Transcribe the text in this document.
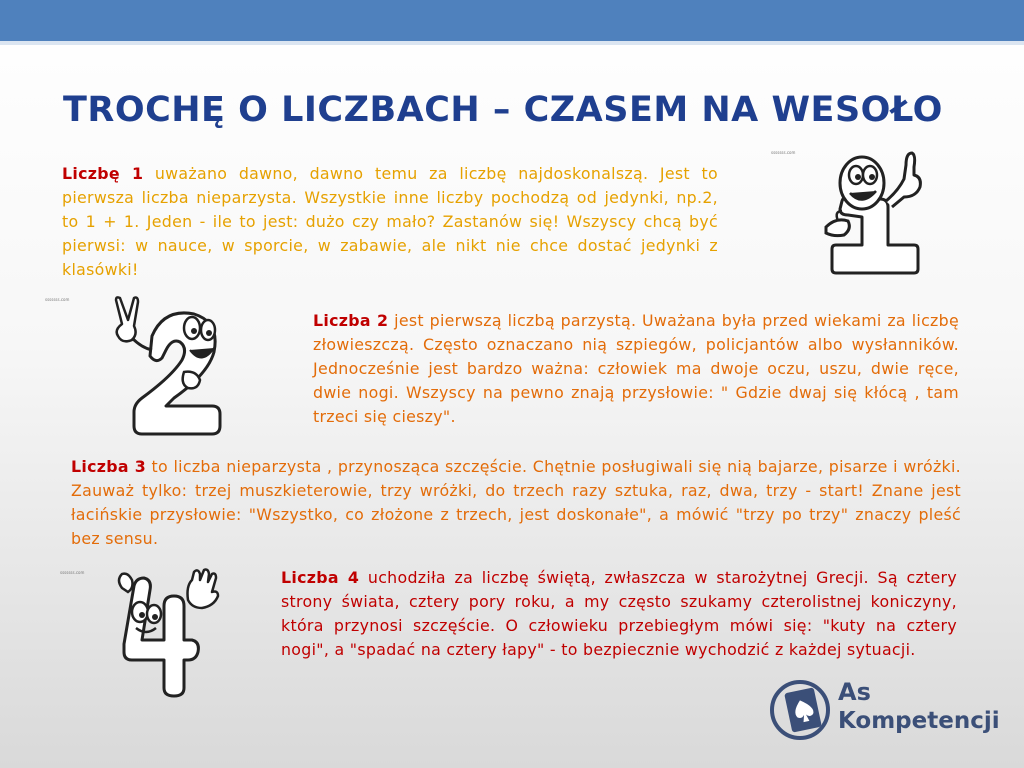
TROCHĘ O LICZBACH – CZASEM NA WESOŁO

Liczbę 1 uważano dawno, dawno temu za liczbę najdoskonalszą. Jest to pierwsza liczba nieparzysta. Wszystkie inne liczby pochodzą od jedynki, np.2, to 1 + 1. Jeden - ile to jest: dużo czy mało? Zastanów się! Wszyscy chcą być pierwsi: w nauce, w sporcie, w zabawie, ale nikt nie chce dostać jedynki z klasówki!

Liczba 2 jest pierwszą liczbą parzystą. Uważana była przed wiekami za liczbę złowieszczą. Często oznaczano nią szpiegów, policjantów albo wysłanników. Jednocześnie jest bardzo ważna: człowiek ma dwoje oczu, uszu, dwie ręce, dwie nogi. Wszyscy na pewno znają przysłowie: " Gdzie dwaj się kłócą , tam trzeci się cieszy".

Liczba 3 to liczba nieparzysta , przynosząca szczęście. Chętnie posługiwali się nią bajarze, pisarze i wróżki. Zauważ tylko: trzej muszkieterowie, trzy wróżki, do trzech razy sztuka, raz, dwa, trzy - start! Znane jest łacińskie przysłowie: "Wszystko, co złożone z trzech, jest doskonałe", a mówić "trzy po trzy" znaczy pleść bez sensu.

Liczba 4 uchodziła za liczbę świętą, zwłaszcza w starożytnej Grecji. Są cztery strony świata, cztery pory roku, a my często szukamy czterolistnej koniczyny, która przynosi szczęście. O człowieku przebiegłym mówi się: "kuty na cztery nogi", a "spadać na cztery łapy" - to bezpiecznie wychodzić z każdej sytuacji.

sssssss.com
sssssss.com
sssssss.com
As
Kompetencji
